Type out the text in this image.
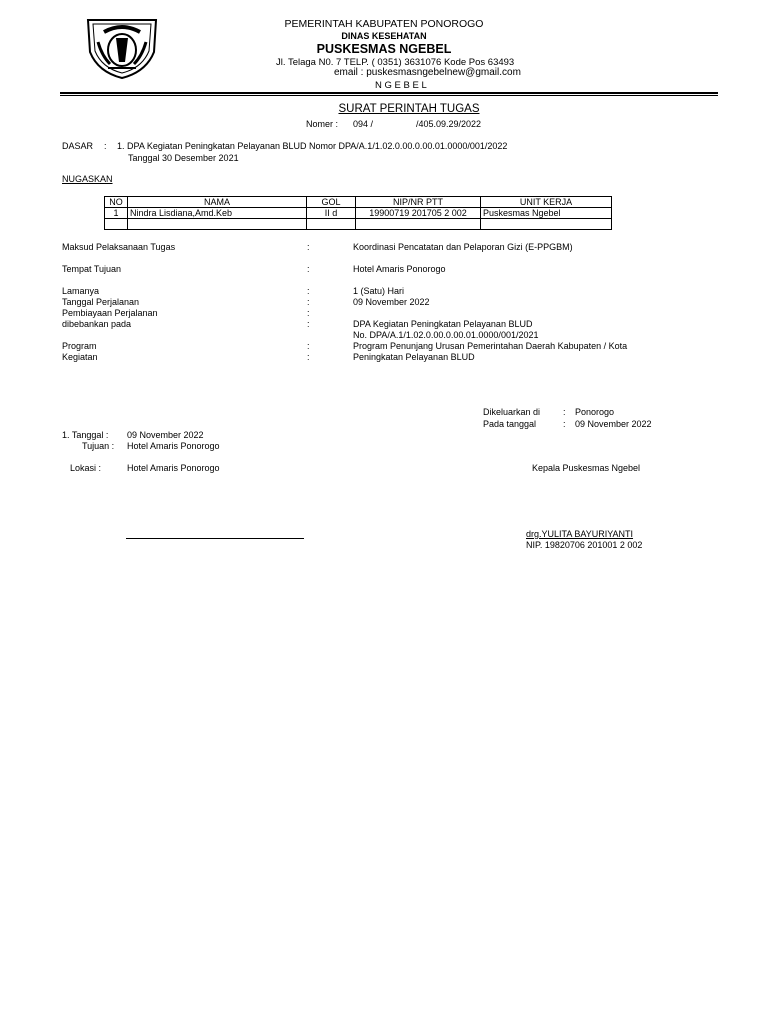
PEMERINTAH KABUPATEN PONOROGO
DINAS KESEHATAN
PUSKESMAS NGEBEL
Jl. Telaga N0. 7 TELP. ( 0351) 3631076 Kode Pos 63493
email : puskesmasngebelnew@gmail.com
N G E B E L
SURAT PERINTAH TUGAS
Nomer : 094 /	/405.09.29/2022
DASAR : 1. DPA Kegiatan Peningkatan Pelayanan BLUD Nomor DPA/A.1/1.02.0.00.0.00.01.0000/001/2022
Tanggal 30 Desember 2021
NUGASKAN
NO	NAMA	GOL	NIP/NR PTT	UNIT KERJA
1	Nindra Lisdiana,Amd.Keb	II d	19900719 201705 2 002	Puskesmas Ngebel

Maksud Pelaksanaan Tugas	:	Koordinasi Pencatatan dan Pelaporan Gizi (E-PPGBM)
Tempat Tujuan	:	Hotel Amaris Ponorogo
Lamanya	:	1 (Satu) Hari
Tanggal Perjalanan	:	09 November 2022
Pembiayaan Perjalanan	:
dibebankan pada	:	DPA Kegiatan Peningkatan Pelayanan BLUD
No. DPA/A.1/1.02.0.00.0.00.01.0000/001/2021
Program	:	Program Penunjang Urusan Pemerintahan Daerah Kabupaten / Kota
Kegiatan	:	Peningkatan Pelayanan BLUD
Dikeluarkan di	: Ponorogo
Pada tanggal	: 09 November 2022
1. Tanggal : 09 November 2022
Tujuan : Hotel Amaris Ponorogo
Lokasi :	Hotel Amaris Ponorogo	Kepala Puskesmas Ngebel
drg.YULITA BAYURIYANTI
NIP. 19820706 201001 2 002
